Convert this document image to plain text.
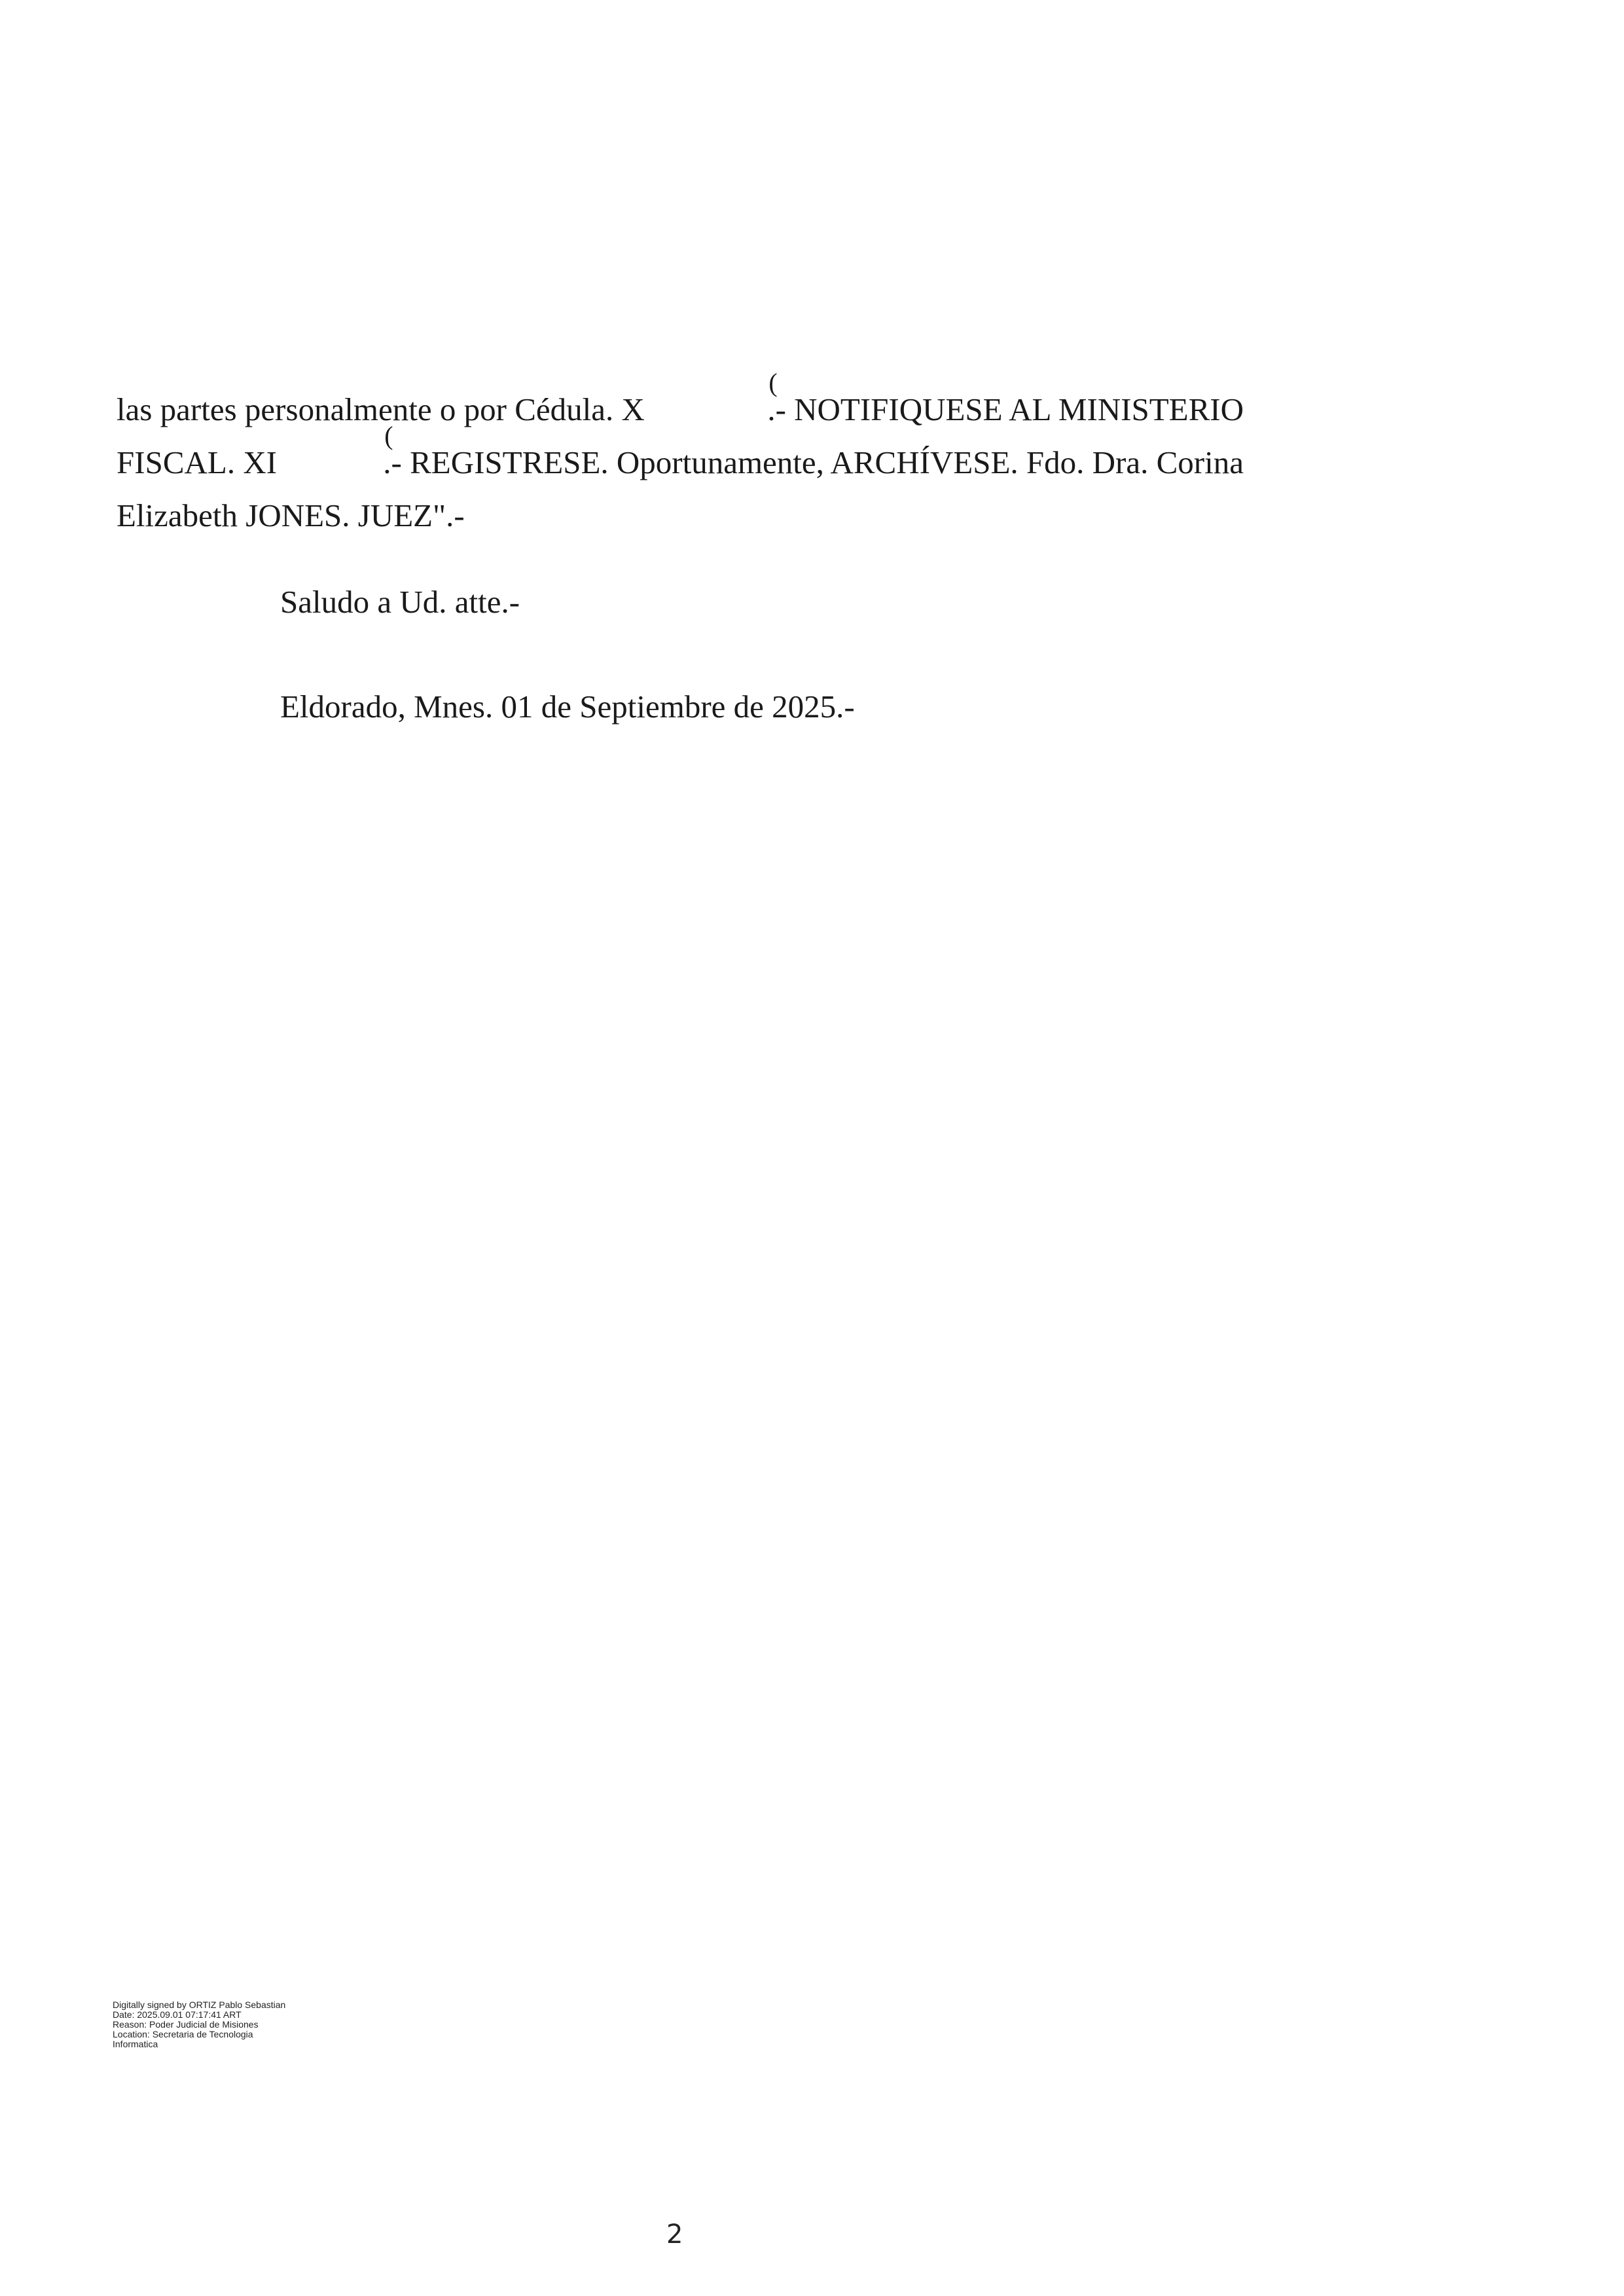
las partes personalmente o por Cédula. X
(
.- NOTIFIQUESE AL MINISTERIO
FISCAL. XI
(
.- REGISTRESE. Oportunamente, ARCHÍVESE. Fdo. Dra. Corina
Elizabeth JONES. JUEZ".-
Saludo a Ud. atte.-
Eldorado, Mnes. 01 de Septiembre de 2025.-
Digitally signed by ORTIZ Pablo Sebastian
Date: 2025.09.01 07:17:41 ART
Reason: Poder Judicial de Misiones
Location: Secretaria de Tecnologia
Informatica
2
